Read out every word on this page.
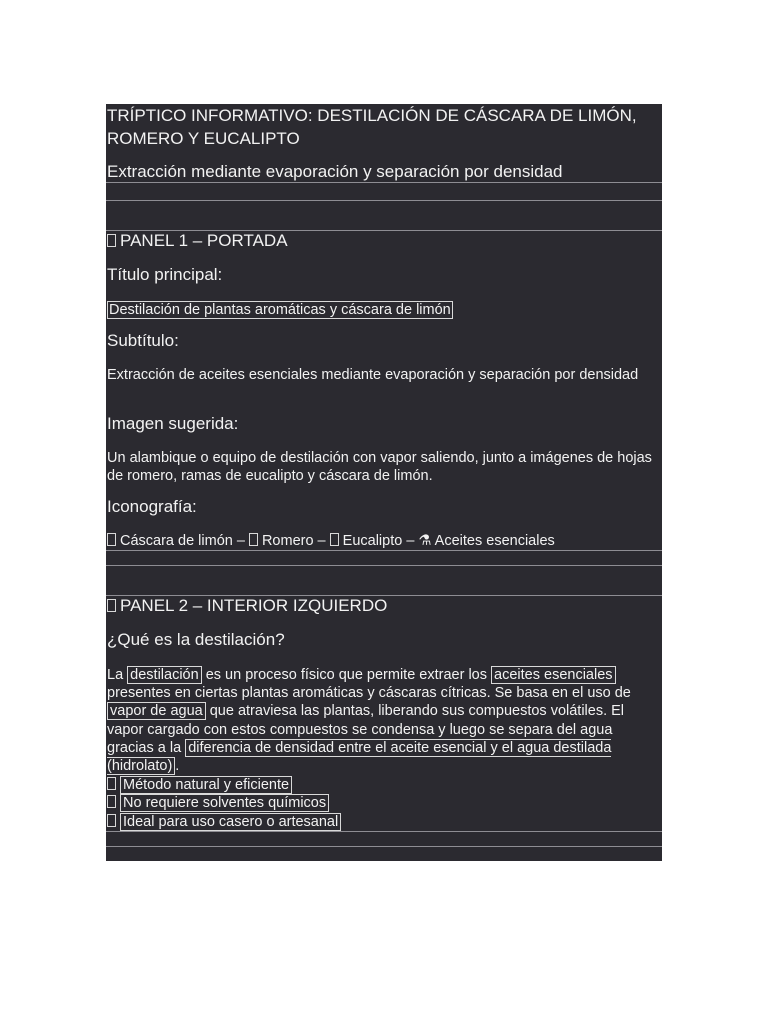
TRÍPTICO INFORMATIVO: DESTILACIÓN DE CÁSCARA DE LIMÓN, ROMERO Y EUCALIPTO

Extracción mediante evaporación y separación por densidad

PANEL 1 – PORTADA

Título principal:

Destilación de plantas aromáticas y cáscara de limón

Subtítulo:

Extracción de aceites esenciales mediante evaporación y separación por densidad

Imagen sugerida:

Un alambique o equipo de destilación con vapor saliendo, junto a imágenes de hojas de romero, ramas de eucalipto y cáscara de limón.

Iconografía:

Cáscara de limón – Romero – Eucalipto – ⚗ Aceites esenciales

PANEL 2 – INTERIOR IZQUIERDO

¿Qué es la destilación?

La destilación es un proceso físico que permite extraer los aceites esenciales presentes en ciertas plantas aromáticas y cáscaras cítricas. Se basa en el uso de vapor de agua que atraviesa las plantas, liberando sus compuestos volátiles. El vapor cargado con estos compuestos se condensa y luego se separa del agua gracias a la diferencia de densidad entre el aceite esencial y el agua destilada (hidrolato) .

Método natural y eficiente

No requiere solventes químicos

Ideal para uso casero o artesanal
